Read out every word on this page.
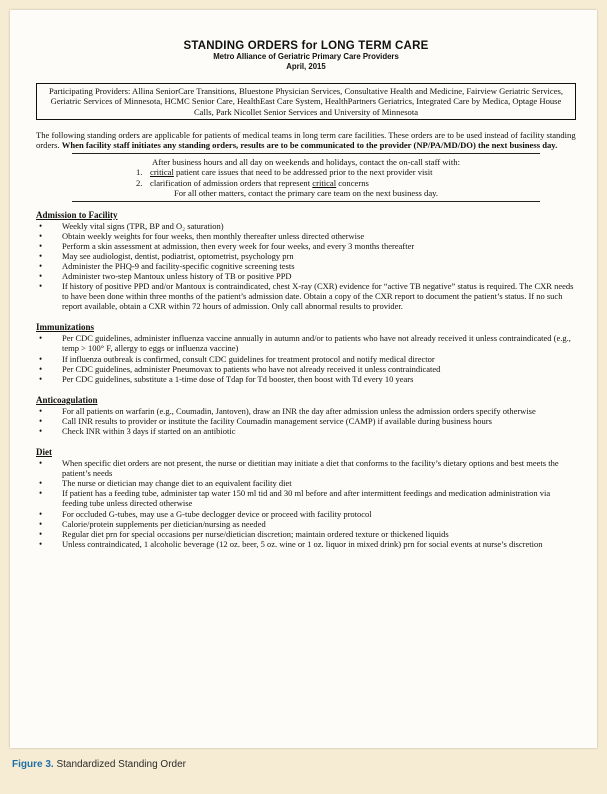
STANDING ORDERS for LONG TERM CARE
Metro Alliance of Geriatric Primary Care Providers
April, 2015
Participating Providers: Allina SeniorCare Transitions, Bluestone Physician Services, Consultative Health and Medicine, Fairview Geriatric Services, Geriatric Services of Minnesota, HCMC Senior Care, HealthEast Care System, HealthPartners Geriatrics, Integrated Care by Medica, Optage House Calls, Park Nicollet Senior Services and University of Minnesota
The following standing orders are applicable for patients of medical teams in long term care facilities. These orders are to be used instead of facility standing orders. When facility staff initiates any standing orders, results are to be communicated to the provider (NP/PA/MD/DO) the next business day.
After business hours and all day on weekends and holidays, contact the on-call staff with:
1. critical patient care issues that need to be addressed prior to the next provider visit
2. clarification of admission orders that represent critical concerns
For all other matters, contact the primary care team on the next business day.
Admission to Facility
• Weekly vital signs (TPR, BP and O₂ saturation)
• Obtain weekly weights for four weeks, then monthly thereafter unless directed otherwise
• Perform a skin assessment at admission, then every week for four weeks, and every 3 months thereafter
• May see audiologist, dentist, podiatrist, optometrist, psychology prn
• Administer the PHQ-9 and facility-specific cognitive screening tests
• Administer two-step Mantoux unless history of TB or positive PPD
• If history of positive PPD and/or Mantoux is contraindicated, chest X-ray (CXR) evidence for “active TB negative” status is required. The CXR needs to have been done within three months of the patient’s admission date. Obtain a copy of the CXR report to document the patient’s status. If no such report available, obtain a CXR within 72 hours of admission. Only call abnormal results to provider.
Immunizations
• Per CDC guidelines, administer influenza vaccine annually in autumn and/or to patients who have not already received it unless contraindicated (e.g., temp > 100° F, allergy to eggs or influenza vaccine)
• If influenza outbreak is confirmed, consult CDC guidelines for treatment protocol and notify medical director
• Per CDC guidelines, administer Pneumovax to patients who have not already received it unless contraindicated
• Per CDC guidelines, substitute a 1-time dose of Tdap for Td booster, then boost with Td every 10 years
Anticoagulation
• For all patients on warfarin (e.g., Coumadin, Jantoven), draw an INR the day after admission unless the admission orders specify otherwise
• Call INR results to provider or institute the facility Coumadin management service (CAMP) if available during business hours
• Check INR within 3 days if started on an antibiotic
Diet
• When specific diet orders are not present, the nurse or dietitian may initiate a diet that conforms to the facility’s dietary options and best meets the patient’s needs
• The nurse or dietician may change diet to an equivalent facility diet
• If patient has a feeding tube, administer tap water 150 ml tid and 30 ml before and after intermittent feedings and medication administration via feeding tube unless directed otherwise
• For occluded G-tubes, may use a G-tube declogger device or proceed with facility protocol
• Calorie/protein supplements per dietician/nursing as needed
• Regular diet prn for special occasions per nurse/dietician discretion; maintain ordered texture or thickened liquids
• Unless contraindicated, 1 alcoholic beverage (12 oz. beer, 5 oz. wine or 1 oz. liquor in mixed drink) prn for social events at nurse’s discretion
Figure 3. Standardized Standing Order
